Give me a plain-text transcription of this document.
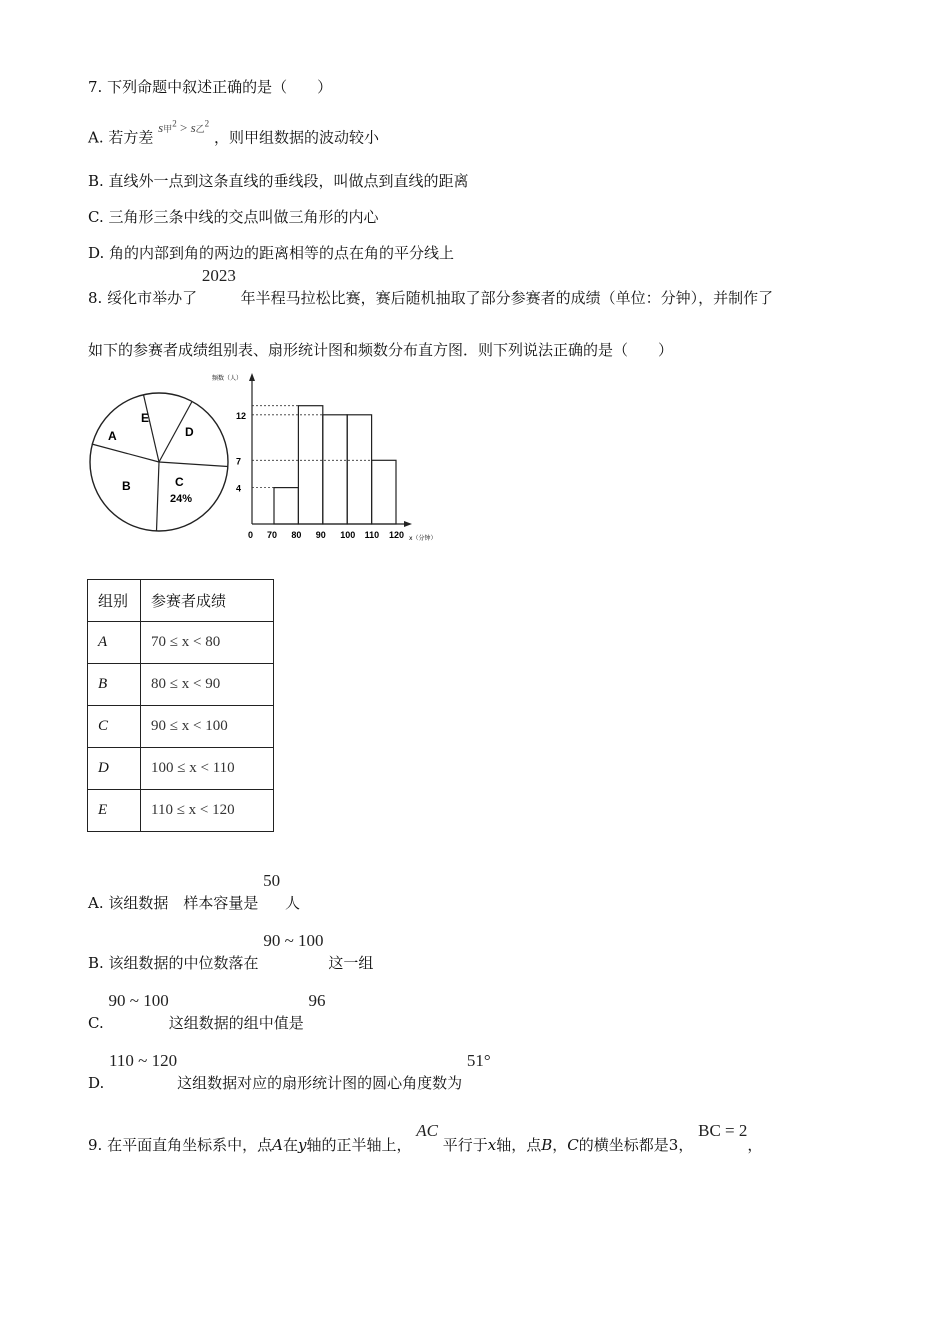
7. 下列命题中叙述正确的是（　　）
A. 若方差 s甲$^2$ > s乙$^2$ ，则甲组数据的波动较小
B. 直线外一点到这条直线的垂线段，叫做点到直线的距离
C. 三角形三条中线的交点叫做三角形的内心
D. 角的内部到角的两边的距离相等的点在角的平分线上
8. 绥化市举办了 2023 年半程马拉松比赛，赛后随机抽取了部分参赛者的成绩（单位：分钟），并制作了
如下的参赛者成绩组别表、扇形统计图和频数分布直方图．则下列说法正确的是（　　）
A
B	C
24%
D
E
频数（人）
x（分钟）
4
7
12
0 70 80 90 100 110 120
组别	参赛者成绩
A	70 ≤ x < 80
B	80 ≤ x < 90
C	90 ≤ x < 100
D	100 ≤ x < 110
E	110 ≤ x < 120
A. 该组数据　样本容量是 50 人
B. 该组数据的中位数落在 90 ~ 100 这一组
C. 90 ~ 100这组数据的组中值是 96
D. 110 ~ 120这组数据对应的扇形统计图的圆心角度数为 51°
9. 在平面直角坐标系中，点A在y轴的正半轴上， AC 平行于x轴，点B，C的横坐标都是3， BC = 2，
